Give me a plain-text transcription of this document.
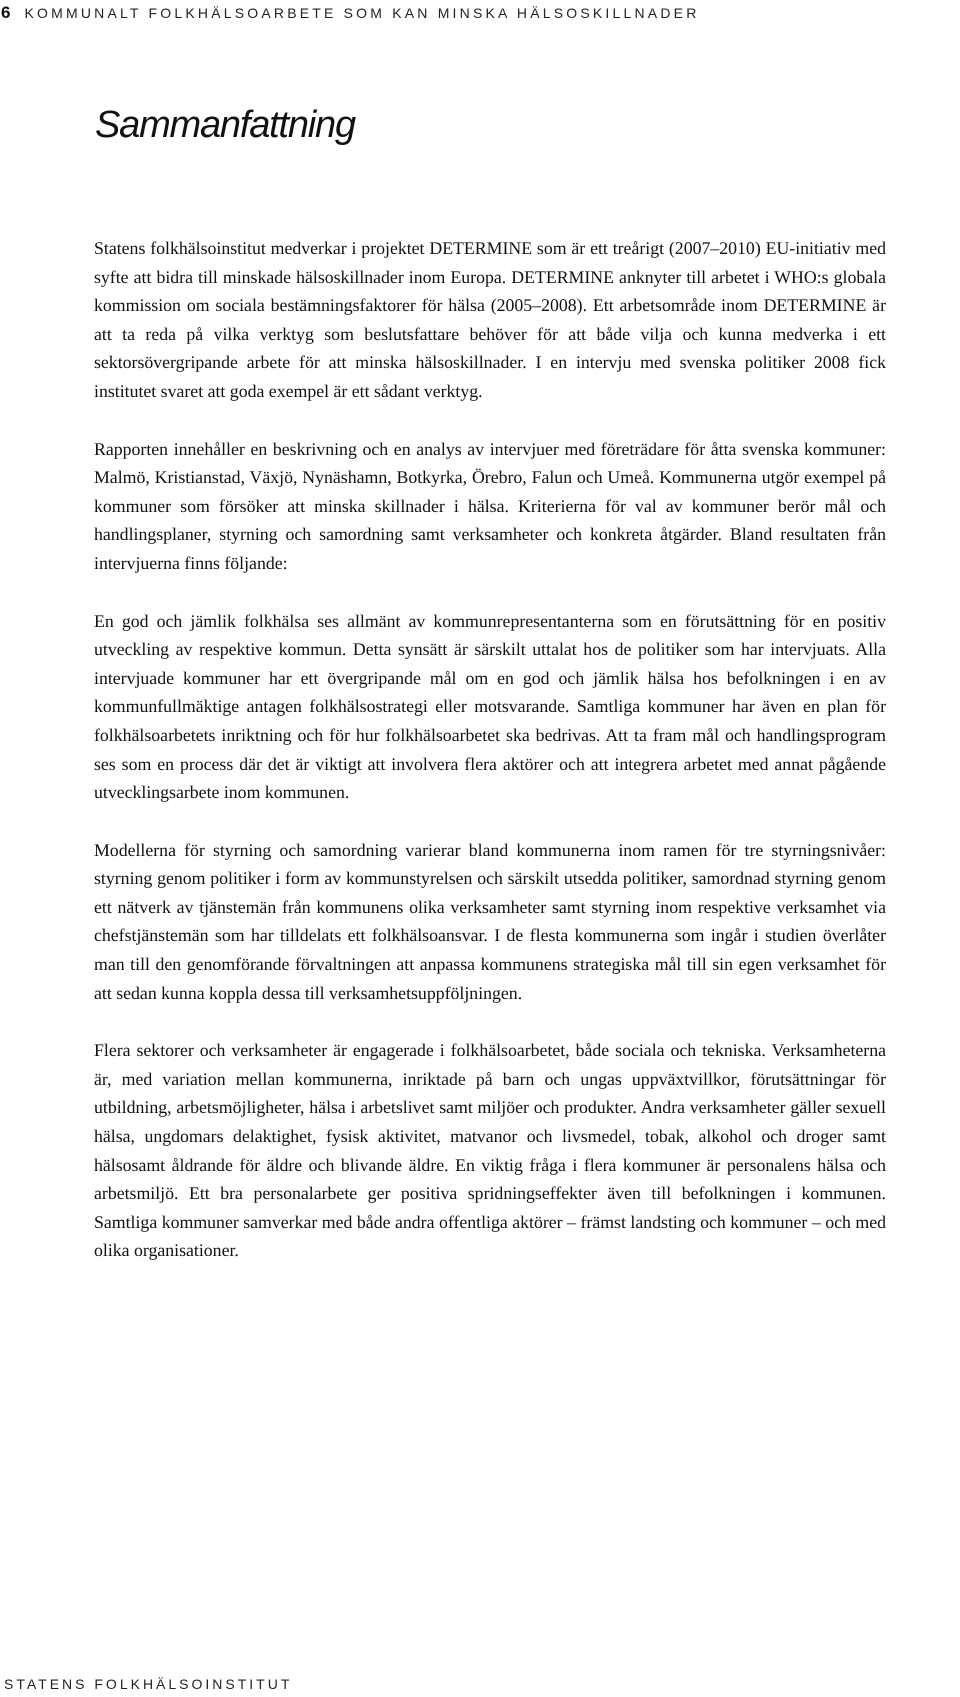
6 KOMMUNALT FOLKHÄLSOARBETE SOM KAN MINSKA HÄLSOSKILLNADER
Sammanfattning

Statens folkhälsoinstitut medverkar i projektet DETERMINE som är ett treårigt (2007–2010) EU-initiativ med syfte att bidra till minskade hälsoskillnader inom Europa. DETERMINE anknyter till arbetet i WHO:s globala kommission om sociala bestämningsfaktorer för hälsa (2005–2008). Ett arbetsområde inom DETERMINE är att ta reda på vilka verktyg som beslutsfattare behöver för att både vilja och kunna medverka i ett sektorsövergripande arbete för att minska hälsoskillnader. I en intervju med svenska politiker 2008 fick institutet svaret att goda exempel är ett sådant verktyg.

Rapporten innehåller en beskrivning och en analys av intervjuer med företrädare för åtta svenska kommuner: Malmö, Kristianstad, Växjö, Nynäshamn, Botkyrka, Örebro, Falun och Umeå. Kommunerna utgör exempel på kommuner som försöker att minska skillnader i hälsa. Kriterierna för val av kommuner berör mål och handlingsplaner, styrning och samordning samt verksamheter och konkreta åtgärder. Bland resultaten från intervjuerna finns följande:

En god och jämlik folkhälsa ses allmänt av kommunrepresentanterna som en förutsättning för en positiv utveckling av respektive kommun. Detta synsätt är särskilt uttalat hos de politiker som har intervjuats. Alla intervjuade kommuner har ett övergripande mål om en god och jämlik hälsa hos befolkningen i en av kommunfullmäktige antagen folkhälsostrategi eller motsvarande. Samtliga kommuner har även en plan för folkhälsoarbetets inriktning och för hur folkhälsoarbetet ska bedrivas. Att ta fram mål och handlingsprogram ses som en process där det är viktigt att involvera flera aktörer och att integrera arbetet med annat pågående utvecklingsarbete inom kommunen.

Modellerna för styrning och samordning varierar bland kommunerna inom ramen för tre styrningsnivåer: styrning genom politiker i form av kommunstyrelsen och särskilt utsedda politiker, samordnad styrning genom ett nätverk av tjänstemän från kommunens olika verksamheter samt styrning inom respektive verksamhet via chefstjänstemän som har tilldelats ett folkhälsoansvar. I de flesta kommunerna som ingår i studien överlåter man till den genomförande förvaltningen att anpassa kommunens strategiska mål till sin egen verksamhet för att sedan kunna koppla dessa till verksamhetsuppföljningen.

Flera sektorer och verksamheter är engagerade i folkhälsoarbetet, både sociala och tekniska. Verksamheterna är, med variation mellan kommunerna, inriktade på barn och ungas uppväxtvillkor, förutsättningar för utbildning, arbetsmöjligheter, hälsa i arbetslivet samt miljöer och produkter. Andra verksamheter gäller sexuell hälsa, ungdomars delaktighet, fysisk aktivitet, matvanor och livsmedel, tobak, alkohol och droger samt hälsosamt åldrande för äldre och blivande äldre. En viktig fråga i flera kommuner är personalens hälsa och arbetsmiljö. Ett bra personalarbete ger positiva spridningseffekter även till befolkningen i kommunen. Samtliga kommuner samverkar med både andra offentliga aktörer – främst landsting och kommuner – och med olika organisationer.

STATENS FOLKHÄLSOINSTITUT
